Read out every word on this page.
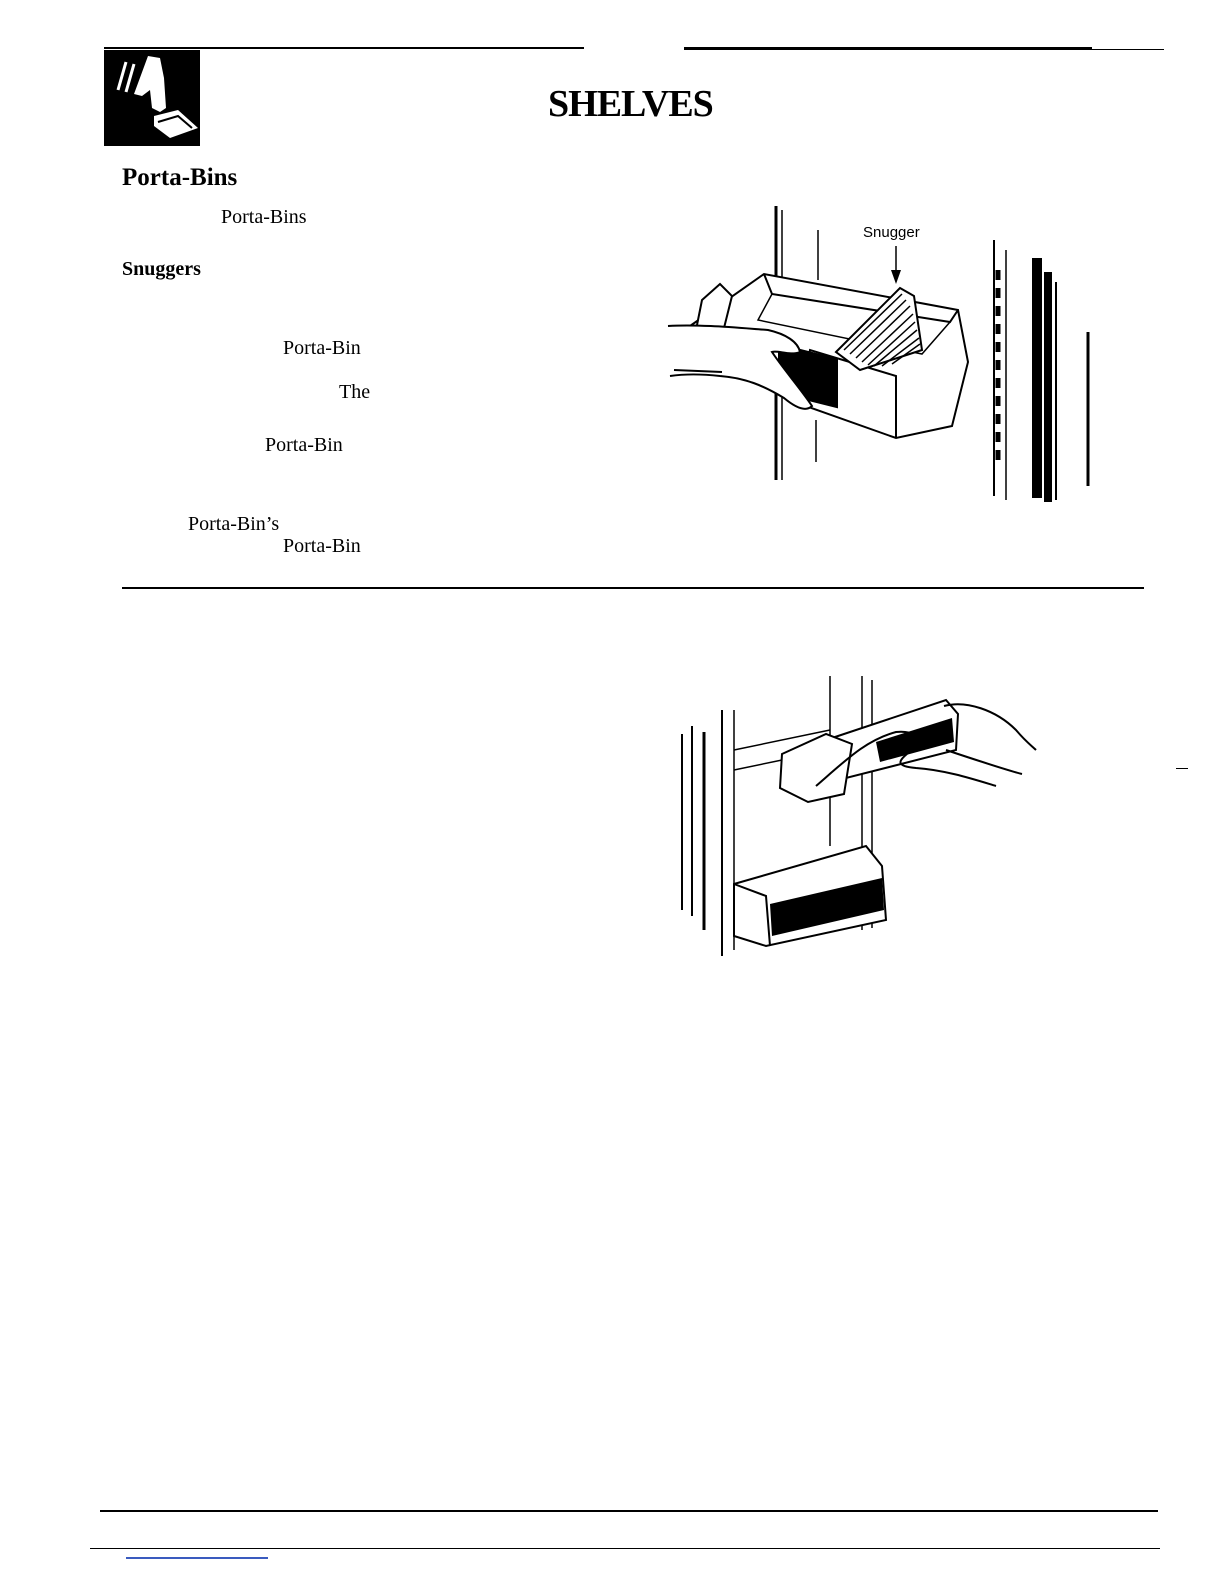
SHELVES
Porta-Bins
Porta-Bins
Snuggers
Porta-Bin
The
Porta-Bin
Porta-Bin’s
Porta-Bin
Snugger
